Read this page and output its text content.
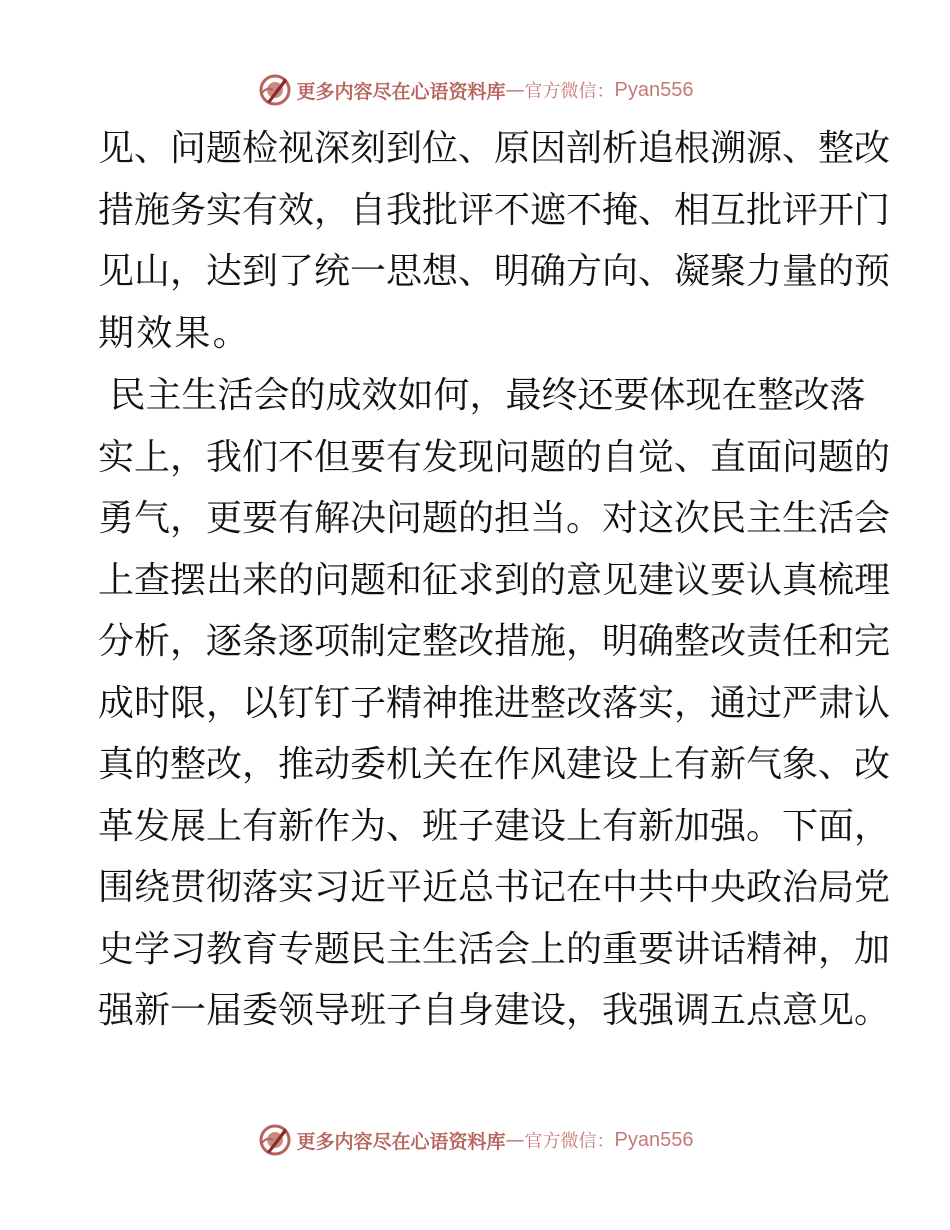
更多内容尽在心语资料库 — 官方微信： Pyan556
见、问题检视深刻到位、原因剖析追根溯源、整改
措施务实有效，自我批评不遮不掩、相互批评开门
见山，达到了统一思想、明确方向、凝聚力量的预
期效果。
民主生活会的成效如何，最终还要体现在整改落
实上，我们不但要有发现问题的自觉、直面问题的
勇气，更要有解决问题的担当。对这次民主生活会
上查摆出来的问题和征求到的意见建议要认真梳理
分析，逐条逐项制定整改措施，明确整改责任和完
成时限，以钉钉子精神推进整改落实，通过严肃认
真的整改，推动委机关在作风建设上有新气象、改
革发展上有新作为、班子建设上有新加强。下面，
围绕贯彻落实习近平近总书记在中共中央政治局党
史学习教育专题民主生活会上的重要讲话精神，加
强新一届委领导班子自身建设，我强调五点意见。
更多内容尽在心语资料库 — 官方微信： Pyan556
